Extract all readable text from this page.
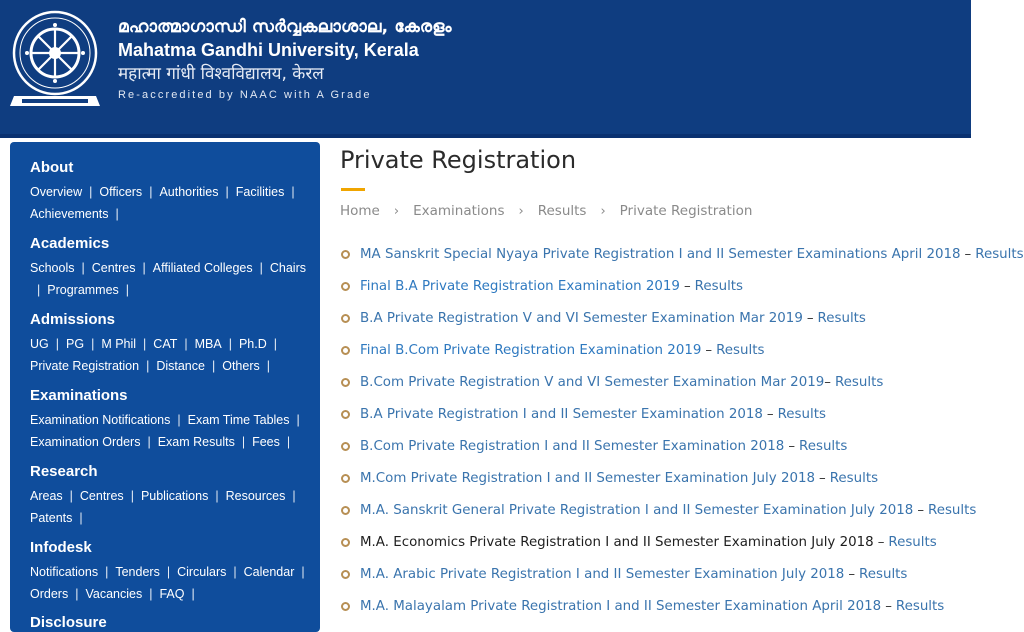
മഹാത്മാഗാന്ധി സർവ്വകലാശാല, കേരളം
Mahatma Gandhi University, Kerala
महात्मा गांधी विश्वविद्यालय, केरल
Re-accredited by NAAC with A Grade
About
Overview | Officers | Authorities | Facilities |
Achievements |
Academics
Schools | Centres | Affiliated Colleges | Chairs
| Programmes |
Admissions
UG | PG | M Phil | CAT | MBA | Ph.D |
Private Registration | Distance | Others |
Examinations
Examination Notifications | Exam Time Tables |
Examination Orders | Exam Results | Fees |
Research
Areas | Centres | Publications | Resources |
Patents |
Infodesk
Notifications | Tenders | Circulars | Calendar |
Orders | Vacancies | FAQ |
Disclosure
Private Registration
Home › Examinations › Results › Private Registration
MA Sanskrit Special Nyaya Private Registration I and II Semester Examinations April 2018 – Results
Final B.A Private Registration Examination 2019 – Results
B.A Private Registration V and VI Semester Examination Mar 2019 – Results
Final B.Com Private Registration Examination 2019 – Results
B.Com Private Registration V and VI Semester Examination Mar 2019 – Results
B.A Private Registration I and II Semester Examination 2018 – Results
B.Com Private Registration I and II Semester Examination 2018 – Results
M.Com Private Registration I and II Semester Examination July 2018 – Results
M.A. Sanskrit General Private Registration I and II Semester Examination July 2018 – Results
M.A. Economics Private Registration I and II Semester Examination July 2018 – Results
M.A. Arabic Private Registration I and II Semester Examination July 2018 – Results
M.A. Malayalam Private Registration I and II Semester Examination April 2018 – Results
